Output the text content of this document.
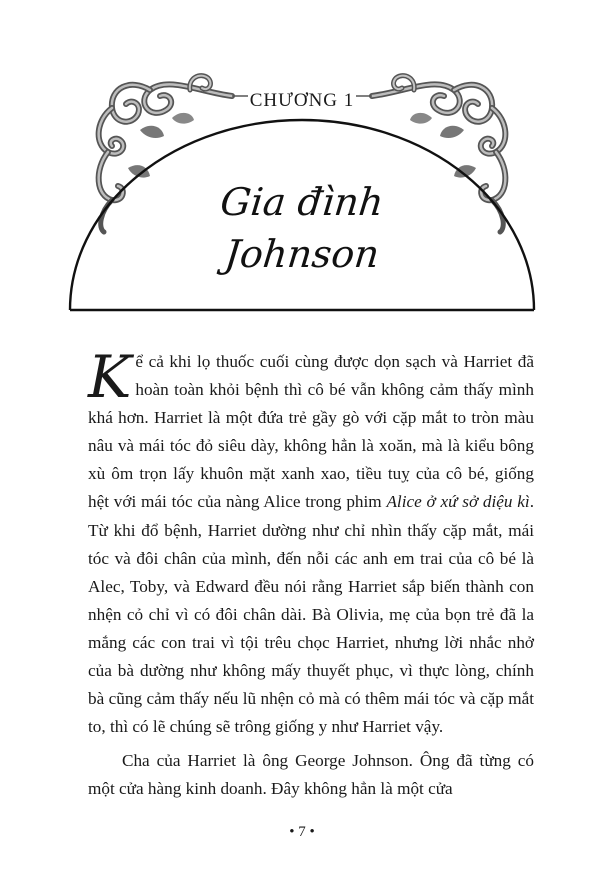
CHƯƠNG 1
Gia đình
Johnson

Kể cả khi lọ thuốc cuối cùng được dọn sạch và Harriet đã hoàn toàn khỏi bệnh thì cô bé vẫn không cảm thấy mình khá hơn. Harriet là một đứa trẻ gầy gò với cặp mắt to tròn màu nâu và mái tóc đỏ siêu dày, không hẳn là xoăn, mà là kiểu bông xù ôm trọn lấy khuôn mặt xanh xao, tiều tuỵ của cô bé, giống hệt với mái tóc của nàng Alice trong phim Alice ở xứ sở diệu kì. Từ khi đổ bệnh, Harriet dường như chỉ nhìn thấy cặp mắt, mái tóc và đôi chân của mình, đến nỗi các anh em trai của cô bé là Alec, Toby, và Edward đều nói rằng Harriet sắp biến thành con nhện cỏ chỉ vì có đôi chân dài. Bà Olivia, mẹ của bọn trẻ đã la mắng các con trai vì tội trêu chọc Harriet, nhưng lời nhắc nhở của bà dường như không mấy thuyết phục, vì thực lòng, chính bà cũng cảm thấy nếu lũ nhện cỏ mà có thêm mái tóc và cặp mắt to, thì có lẽ chúng sẽ trông giống y như Harriet vậy.

Cha của Harriet là ông George Johnson. Ông đã từng có một cửa hàng kinh doanh. Đây không hẳn là một cửa

• 7 •
